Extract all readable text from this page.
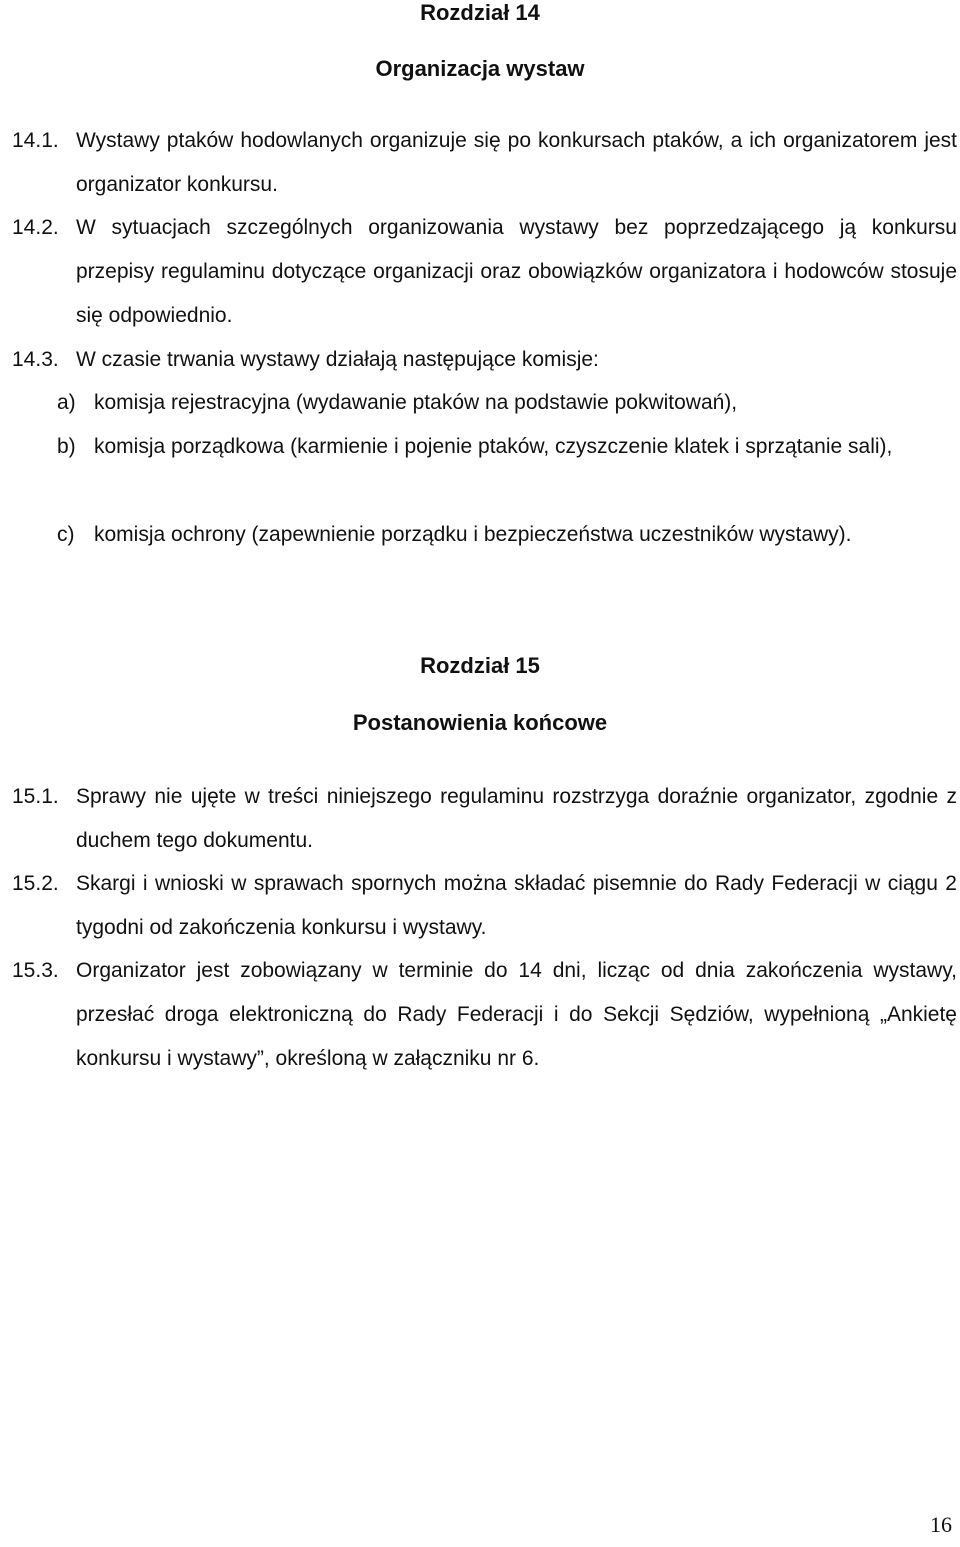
Rozdział 14
Organizacja wystaw
14.1. Wystawy ptaków hodowlanych organizuje się po konkursach ptaków, a ich organizatorem jest organizator konkursu.
14.2. W sytuacjach szczególnych organizowania wystawy bez poprzedzającego ją konkursu przepisy regulaminu dotyczące organizacji oraz obowiązków organizatora i hodowców stosuje się odpowiednio.
14.3. W czasie trwania wystawy działają następujące komisje:
a) komisja rejestracyjna (wydawanie ptaków na podstawie pokwitowań),
b) komisja porządkowa (karmienie i pojenie ptaków, czyszczenie klatek i sprzątanie sali),
c) komisja ochrony (zapewnienie porządku i bezpieczeństwa uczestników wystawy).
Rozdział 15
Postanowienia końcowe
15.1. Sprawy nie ujęte w treści niniejszego regulaminu rozstrzyga doraźnie organizator, zgodnie z duchem tego dokumentu.
15.2. Skargi i wnioski w sprawach spornych można składać pisemnie do Rady Federacji w ciągu 2 tygodni od zakończenia konkursu i wystawy.
15.3. Organizator jest zobowiązany w terminie do 14 dni, licząc od dnia zakończenia wystawy, przesłać droga elektroniczną do Rady Federacji i do Sekcji Sędziów, wypełnioną „Ankietę konkursu i wystawy”, określoną w załączniku nr 6.
16
